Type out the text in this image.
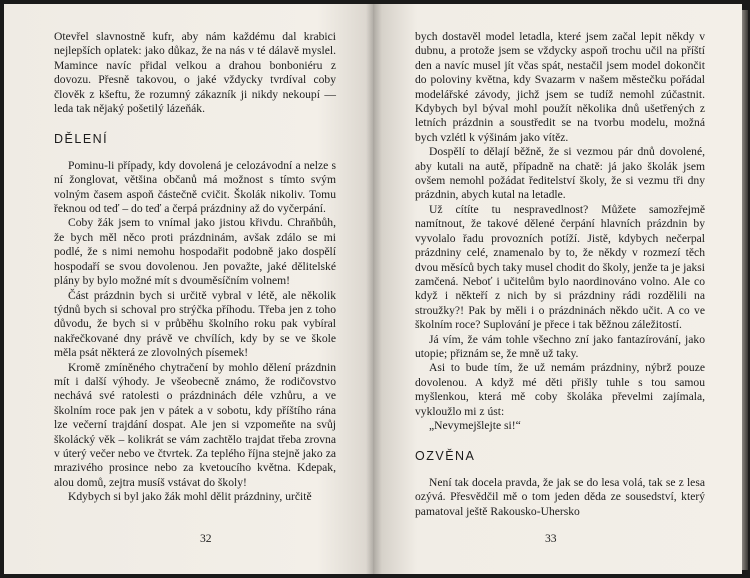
Otevřel slavnostně kufr, aby nám každému dal krabici nejlepších oplatek: jako důkaz, že na nás v té dálavě myslel. Mamince navíc přidal velkou a drahou bonboniéru z dovozu. Přesně takovou, o jaké vždycky tvrdíval coby člověk z kšeftu, že rozumný zákazník ji nikdy nekoupí — leda tak nějaký pošetilý lázeňák.

DĚLENÍ

Pominu-li případy, kdy dovolená je celozávodní a nelze s ní žonglovat, většina občanů má možnost s tímto svým volným časem aspoň částečně cvičit. Školák nikoliv. Tomu řeknou od teď – do teď a čerpá prázdniny až do vyčerpání.

Coby žák jsem to vnímal jako jistou křivdu. Chraňbůh, že bych měl něco proti prázdninám, avšak zdálo se mi podlé, že s nimi nemohu hospodařit podobně jako dospělí hospodaří se svou dovolenou. Jen považte, jaké dělitelské plány by bylo možné mít s dvouměsíčním volnem!

Část prázdnin bych si určitě vybral v létě, ale několik týdnů bych si schoval pro strýčka příhodu. Třeba jen z toho důvodu, že bych si v průběhu školního roku pak vybíral nakřečkované dny právě ve chvílích, kdy by se ve škole měla psát některá ze zlovolných písemek!

Kromě zmíněného chytračení by mohlo dělení prázdnin mít i další výhody. Je všeobecně známo, že rodičovstvo nechává své ratolesti o prázdninách déle vzhůru, a ve školním roce pak jen v pátek a v sobotu, kdy příštího rána lze večerní trajdání dospat. Ale jen si vzpomeňte na svůj školácký věk – kolikrát se vám zachtělo trajdat třeba zrovna v úterý večer nebo ve čtvrtek. Za teplého října stejně jako za mrazivého prosince nebo za kvetoucího května. Kdepak, alou domů, zejtra musíš vstávat do školy!

Kdybych si byl jako žák mohl dělit prázdniny, určitě

32

bych dostavěl model letadla, které jsem začal lepit někdy v dubnu, a protože jsem se vždycky aspoň trochu učil na příští den a navíc musel jít včas spát, nestačil jsem model dokončit do poloviny května, kdy Svazarm v našem městečku pořádal modelářské závody, jichž jsem se tudíž nemohl zúčastnit. Kdybych byl býval mohl použít několika dnů ušetřených z letních prázdnin a soustředit se na tvorbu modelu, možná bych vzlétl k výšinám jako vítěz.

Dospělí to dělají běžně, že si vezmou pár dnů dovolené, aby kutali na autě, případně na chatě: já jako školák jsem ovšem nemohl požádat ředitelství školy, že si vezmu tři dny prázdnin, abych kutal na letadle.

Už cítíte tu nespravedlnost? Můžete samozřejmě namítnout, že takové dělené čerpání hlavních prázdnin by vyvolalo řadu provozních potíží. Jistě, kdybych nečerpal prázdniny celé, znamenalo by to, že někdy v rozmezí těch dvou měsíců bych taky musel chodit do školy, jenže ta je jaksi zamčená. Neboť i učitelům bylo naordinováno volno. Ale co když i někteří z nich by si prázdniny rádi rozdělili na stroužky?! Pak by měli i o prázdninách někdo učit. A co ve školním roce? Suplování je přece i tak běžnou záležitostí.

Já vím, že vám tohle všechno zní jako fantazírování, jako utopie; přiznám se, že mně už taky.

Asi to bude tím, že už nemám prázdniny, nýbrž pouze dovolenou. A když mé děti přišly tuhle s tou samou myšlenkou, která mě coby školáka převelmi zajímala, vykloužlo mi z úst:

„Nevymejšlejte si!“

OZVĚNA

Není tak docela pravda, že jak se do lesa volá, tak se z lesa ozývá. Přesvědčil mě o tom jeden děda ze sousedství, který pamatoval ještě Rakousko-Uhersko

33
